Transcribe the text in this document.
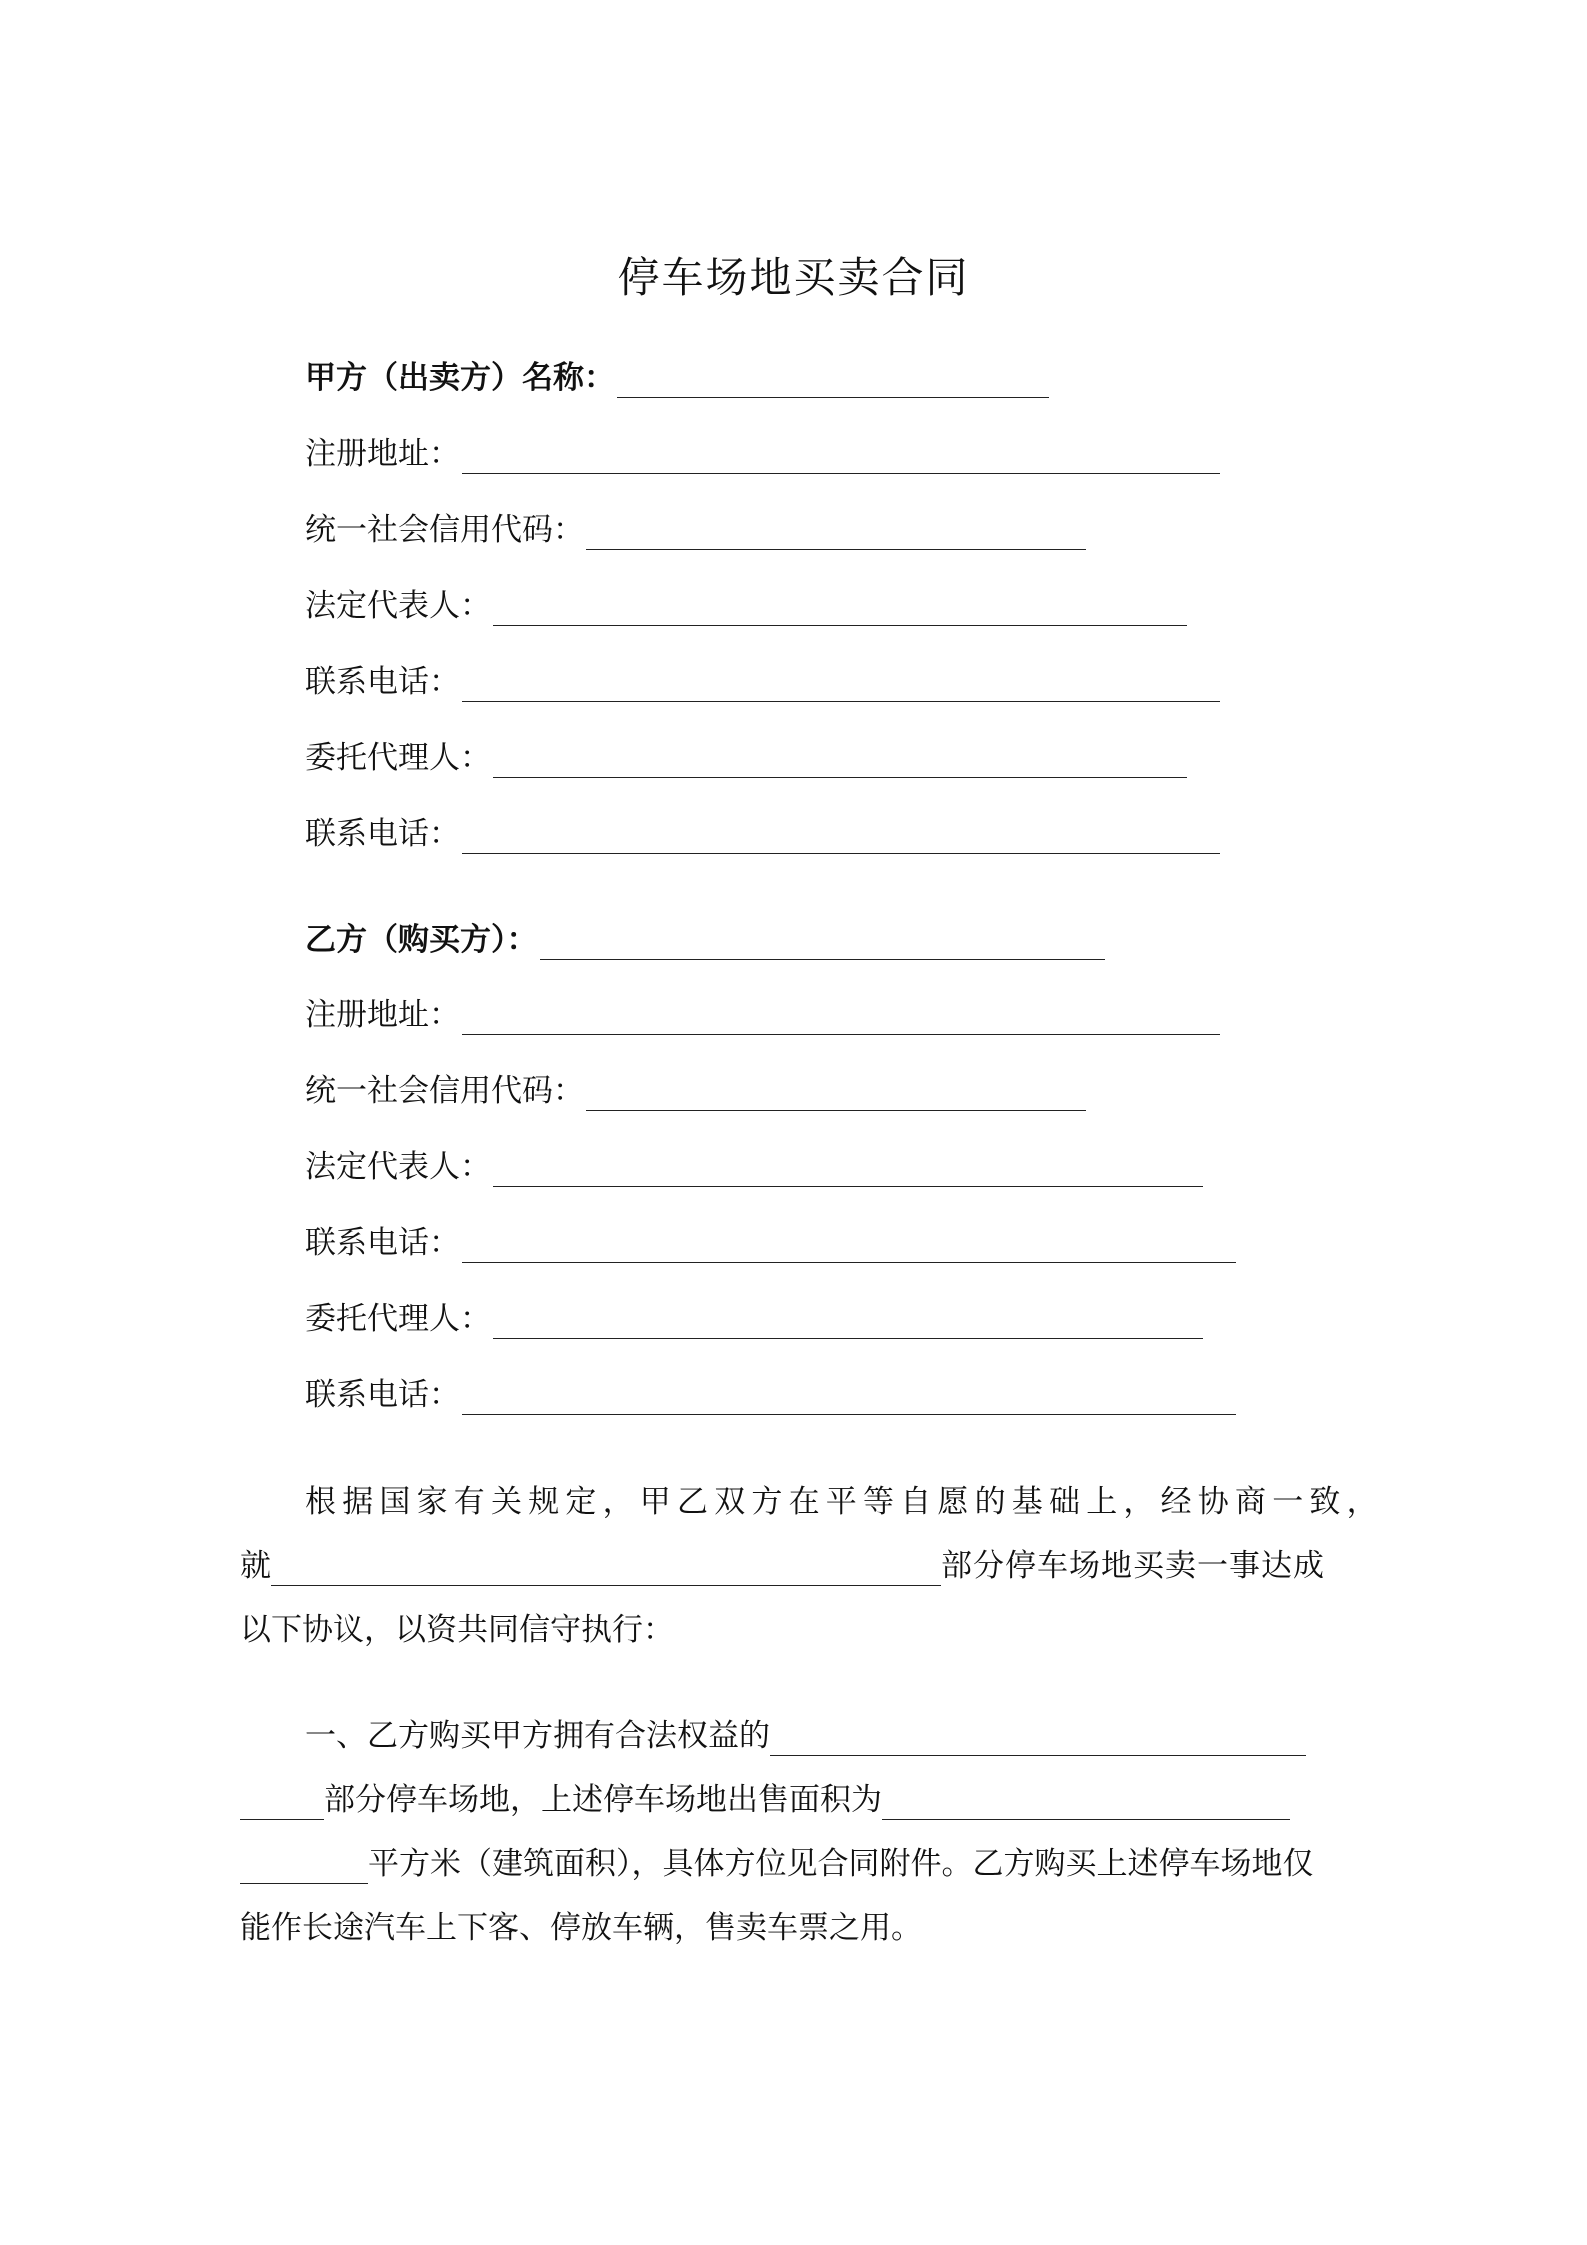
停车场地买卖合同
甲方（出卖方）名称：
注册地址：
统一社会信用代码：
法定代表人：
联系电话：
委托代理人：
联系电话：
乙方（购买方）：
注册地址：
统一社会信用代码：
法定代表人：
联系电话：
委托代理人：
联系电话：
根据国家有关规定，甲乙双方在平等自愿的基础上，经协商一致，
就	部分停车场地买卖一事达成
以下协议，以资共同信守执行：
一、乙方购买甲方拥有合法权益的
部分停车场地，上述停车场地出售面积为
平方米（建筑面积），具体方位见合同附件。乙方购买上述停车场地仅
能作长途汽车上下客、停放车辆，售卖车票之用。
